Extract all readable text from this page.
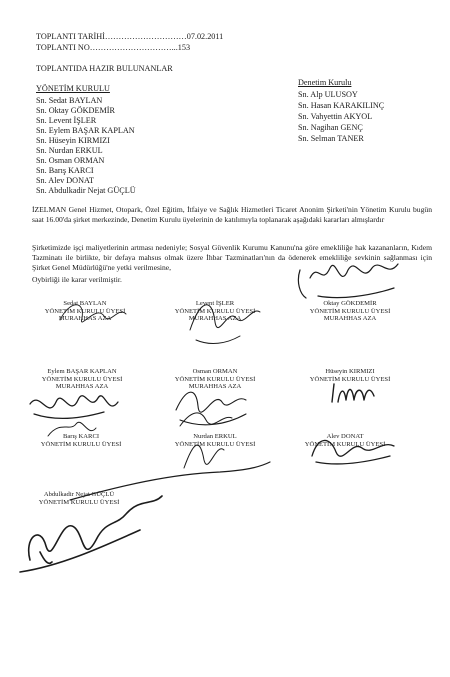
TOPLANTI TARİHİ…………………………07.02.2011
TOPLANTI NO…………………………...153
TOPLANTIDA HAZIR BULUNANLAR
YÖNETİM KURULU
Sn. Sedat BAYLAN
Sn. Oktay GÖKDEMİR
Sn. Levent İŞLER
Sn. Eylem BAŞAR KAPLAN
Sn. Hüseyin KIRMIZI
Sn. Nurdan ERKUL
Sn. Osman ORMAN
Sn. Barış KARCI
Sn. Alev DONAT
Sn. Abdulkadir Nejat GÜÇLÜ
Denetim Kurulu
Sn. Alp ULUSOY
Sn. Hasan KARAKILINÇ
Sn. Vahyettin AKYOL
Sn. Nagihan GENÇ
Sn. Selman TANER
İZELMAN Genel Hizmet, Otopark, Özel Eğitim, İtfaiye ve Sağlık Hizmetleri Ticaret Anonim Şirketi'nin Yönetim Kurulu bugün saat 16.00'da şirket merkezinde, Denetim Kurulu üyelerinin de katılımıyla toplanarak aşağıdaki kararları almışlardır
Şirketimizde işçi maliyetlerinin artması nedeniyle; Sosyal Güvenlik Kurumu Kanunu'na göre emekliliğe hak kazananların, Kıdem Tazminatı ile birlikte, bir defaya mahsus olmak üzere İhbar Tazminatları'nın da ödenerek emekliliğe sevkinin sağlanması için Şirket Genel Müdürlüğü'ne yetki verilmesine,
Oybirliği ile karar verilmiştir.
Sedat BAYLAN
YÖNETİM KURULU ÜYESİ
MURAHHAS AZA
Levent İŞLER
YÖNETİM KURULU ÜYESİ
MURAHHAS AZA
Oktay GÖKDEMİR
YÖNETİM KURULU ÜYESİ
MURAHHAS AZA
Eylem BAŞAR KAPLAN
YÖNETİM KURULU ÜYESİ
MURAHHAS AZA
Osman ORMAN
YÖNETİM KURULU ÜYESİ
MURAHHAS AZA
Hüseyin KIRMIZI
YÖNETİM KURULU ÜYESİ
Barış KARCI
YÖNETİM KURULU ÜYESİ
Nurdan ERKUL
YÖNETİM KURULU ÜYESİ
Alev DONAT
YÖNETİM KURULU ÜYESİ
Abdulkadir Nejat GÜÇLÜ
YÖNETİM KURULU ÜYESİ
